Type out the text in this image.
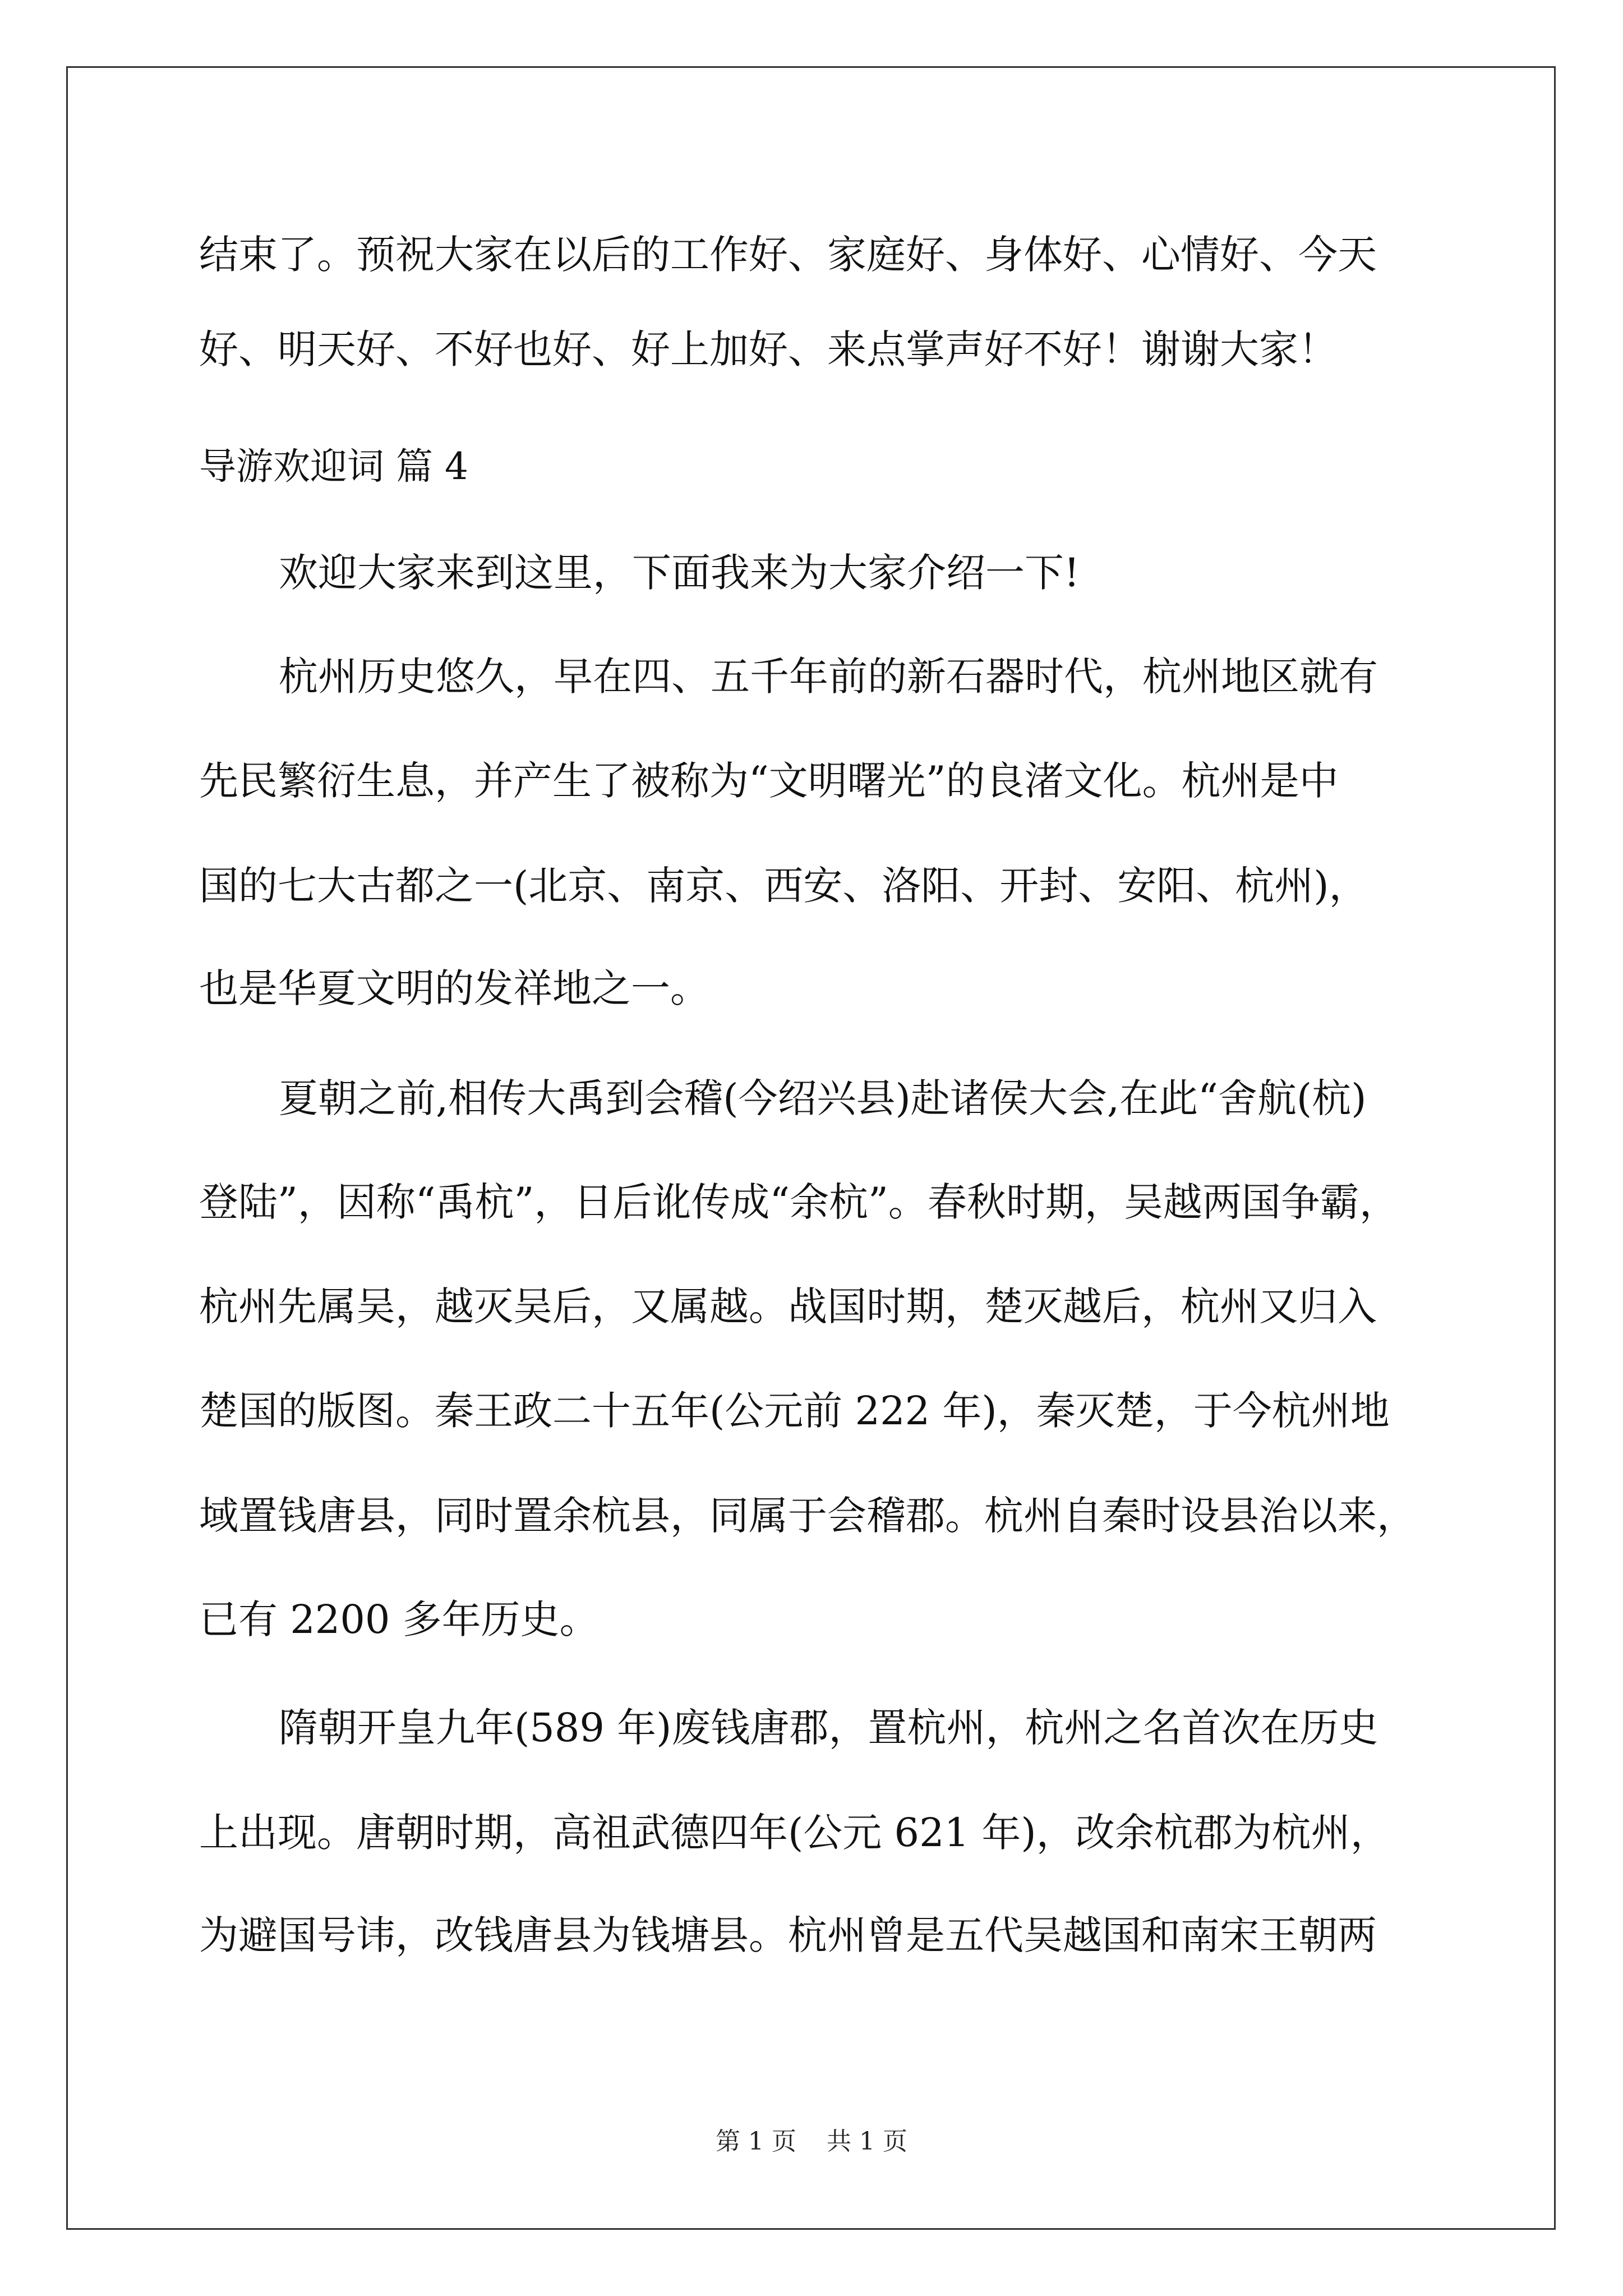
结束了。预祝大家在以后的工作好、家庭好、身体好、心情好、今天
好、明天好、不好也好、好上加好、来点掌声好不好！谢谢大家！
导游欢迎词 篇 4
欢迎大家来到这里，下面我来为大家介绍一下!
杭州历史悠久，早在四、五千年前的新石器时代，杭州地区就有
先民繁衍生息，并产生了被称为“文明曙光”的良渚文化。杭州是中
国的七大古都之一(北京、南京、西安、洛阳、开封、安阳、杭州)，
也是华夏文明的发祥地之一。
夏朝之前,相传大禹到会稽(今绍兴县)赴诸侯大会,在此“舍航(杭)
登陆”，因称“禹杭”，日后讹传成“余杭”。春秋时期，吴越两国争霸，
杭州先属吴，越灭吴后，又属越。战国时期，楚灭越后，杭州又归入
楚国的版图。秦王政二十五年(公元前 222 年)，秦灭楚，于今杭州地
域置钱唐县，同时置余杭县，同属于会稽郡。杭州自秦时设县治以来，
已有 2200 多年历史。
隋朝开皇九年(589 年)废钱唐郡，置杭州，杭州之名首次在历史
上出现。唐朝时期，高祖武德四年(公元 621 年)，改余杭郡为杭州，
为避国号讳，改钱唐县为钱塘县。杭州曾是五代吴越国和南宋王朝两
第 1 页 共 1 页
